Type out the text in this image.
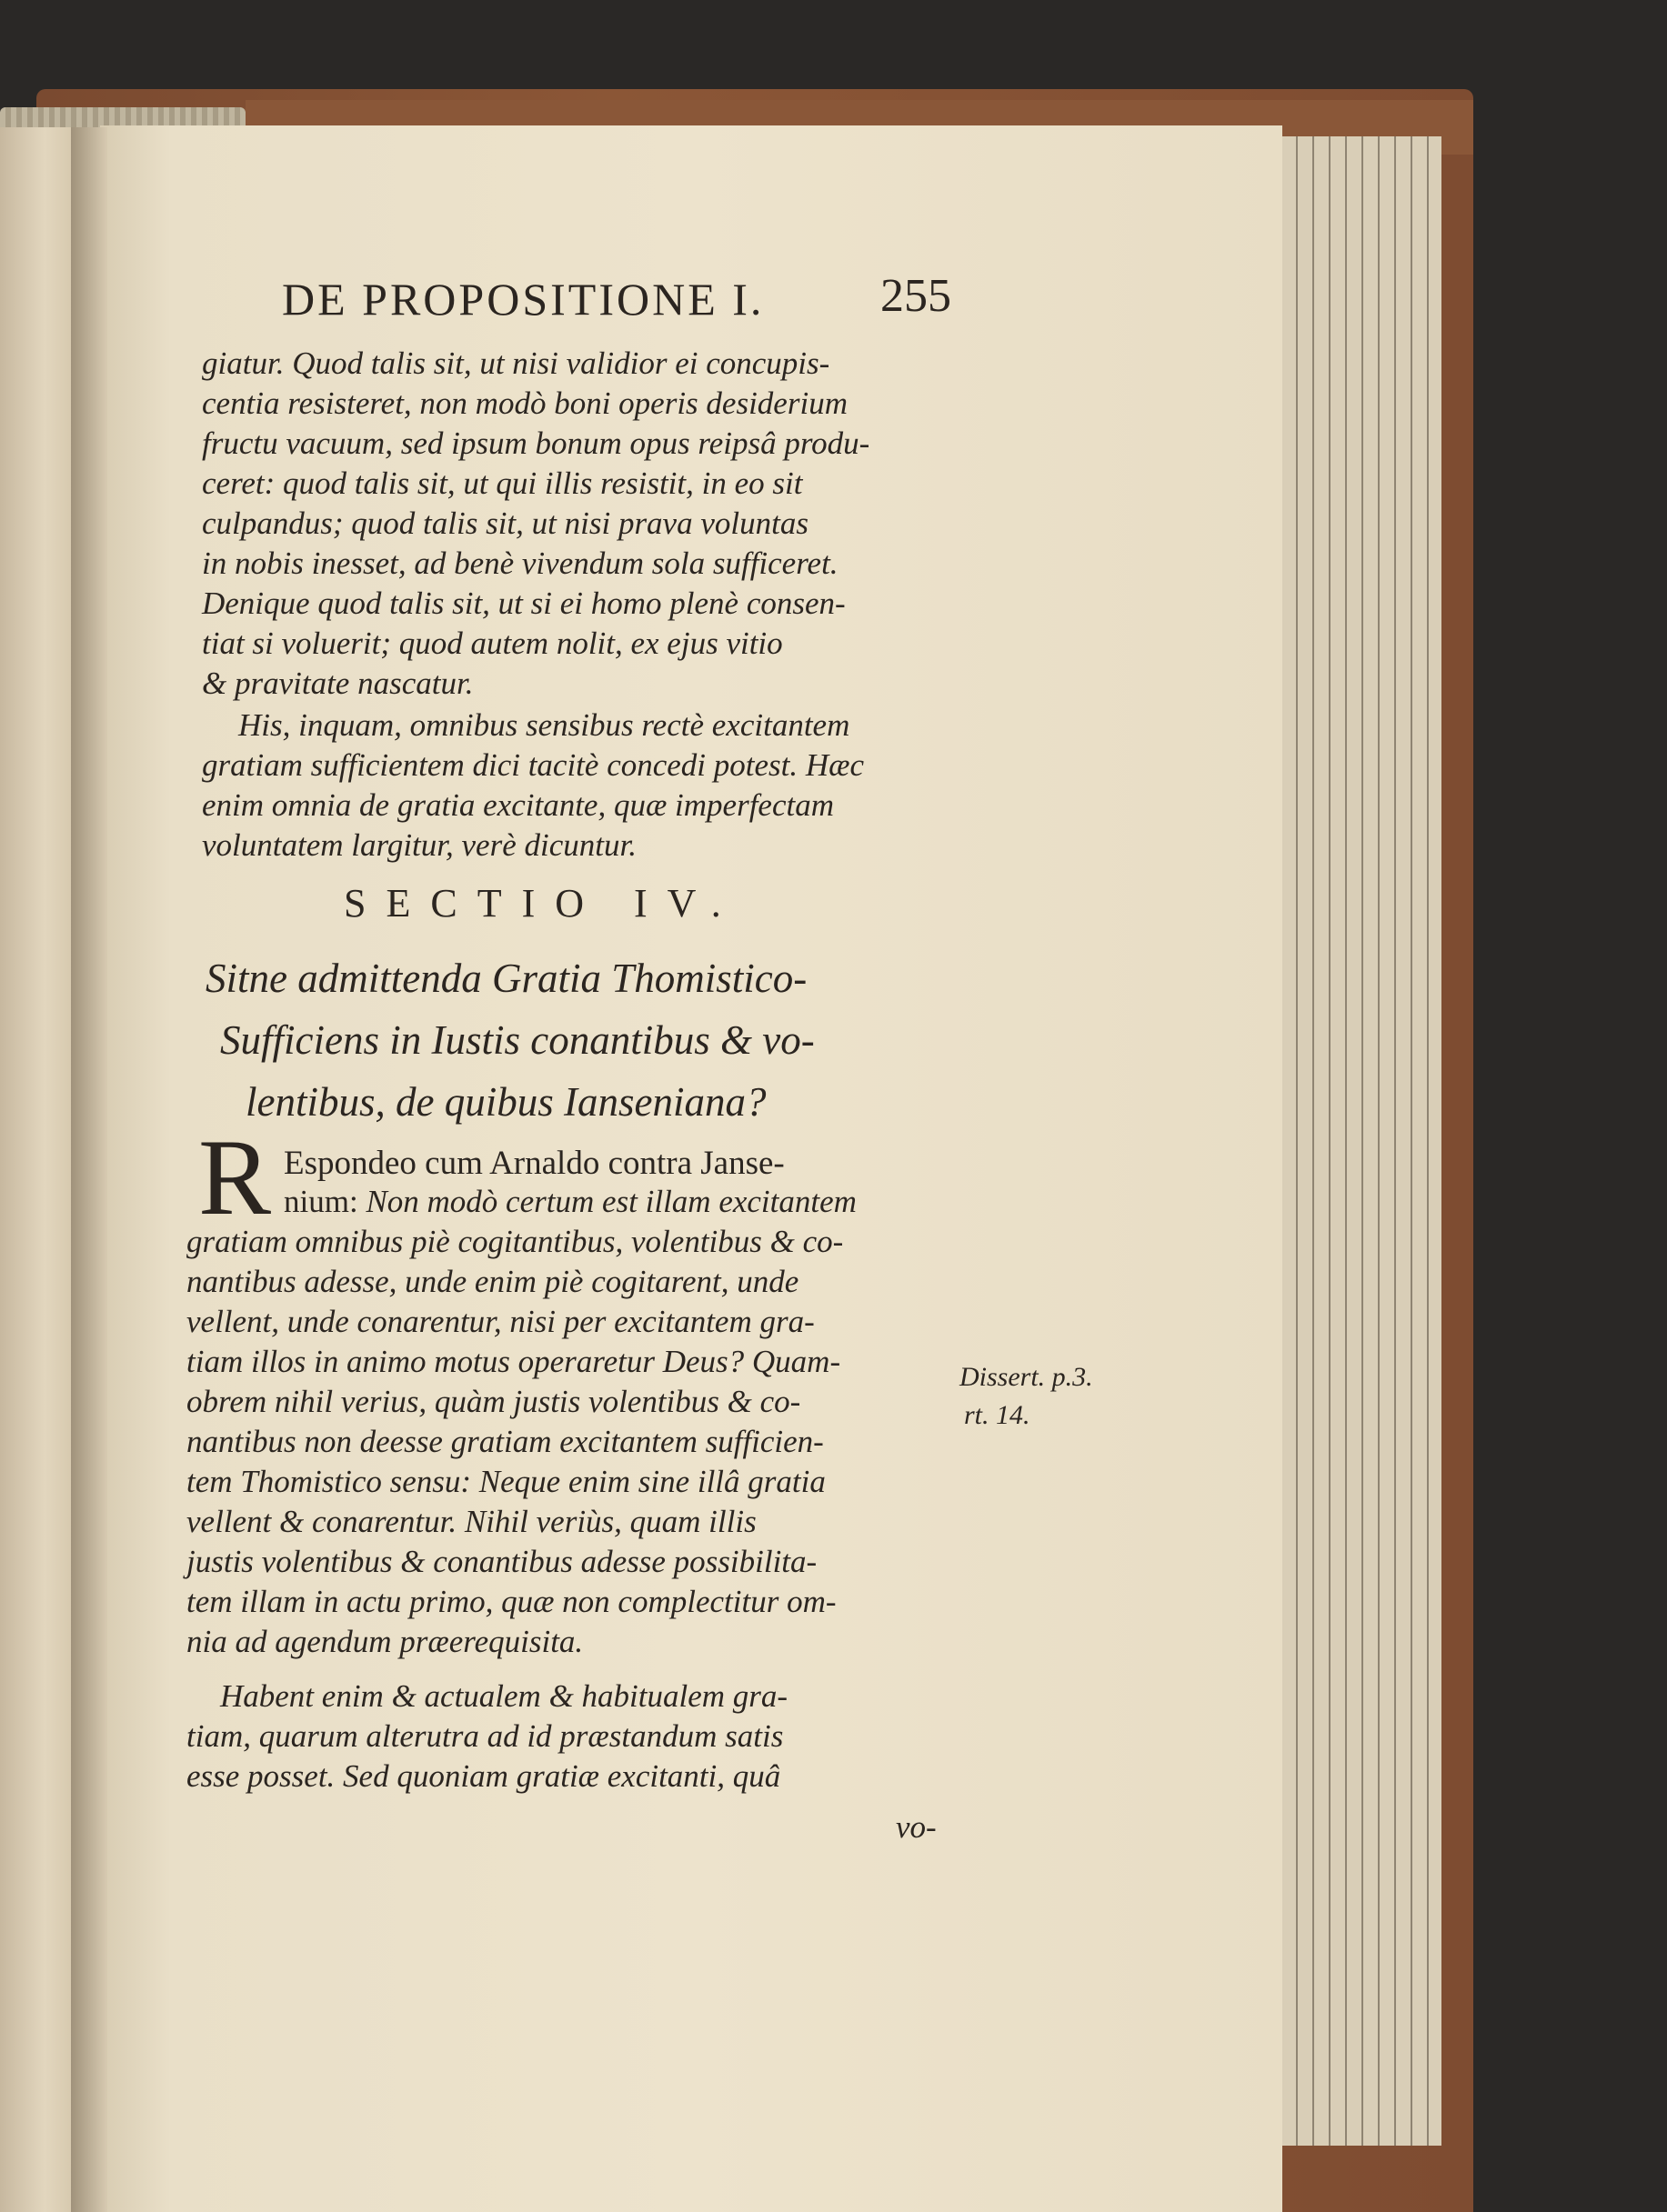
DE PROPOSITIONE I. 255
giatur. Quod talis sit, ut nisi validior ei concupis-
centia resisteret, non modò boni operis desiderium
fructu vacuum, sed ipsum bonum opus reipsâ produ-
ceret: quod talis sit, ut qui illis resistit, in eo sit
culpandus; quod talis sit, ut nisi prava voluntas
in nobis inesset, ad benè vivendum sola sufficeret.
Denique quod talis sit, ut si ei homo plenè consen-
tiat si voluerit; quod autem nolit, ex ejus vitio
& pravitate nascatur.
His, inquam, omnibus sensibus rectè excitantem
gratiam sufficientem dici tacitè concedi potest. Hæc
enim omnia de gratia excitante, quæ imperfectam
voluntatem largitur, verè dicuntur.
SECTIO IV.
Sitne admittenda Gratia Thomistico-
Sufficiens in Iustis conantibus & vo-
lentibus, de quibus Ianseniana?
R Espondeo cum Arnaldo contra Janse-
nium: Non modò certum est illam excitantem
gratiam omnibus piè cogitantibus, volentibus & co-
nantibus adesse, unde enim piè cogitarent, unde
vellent, unde conarentur, nisi per excitantem gra-
tiam illos in animo motus operaretur Deus? Quam-
obrem nihil verius, quàm justis volentibus & co-
nantibus non deesse gratiam excitantem sufficien-
tem Thomistico sensu: Neque enim sine illâ gratia
vellent & conarentur. Nihil veriùs, quam illis
justis volentibus & conantibus adesse possibilita-
tem illam in actu primo, quæ non complectitur om-
nia ad agendum præerequisita.
Dissert. p.3.
rt. 14.
Habent enim & actualem & habitualem gra-
tiam, quarum alterutra ad id præstandum satis
esse posset. Sed quoniam gratiæ excitanti, quâ
vo-
